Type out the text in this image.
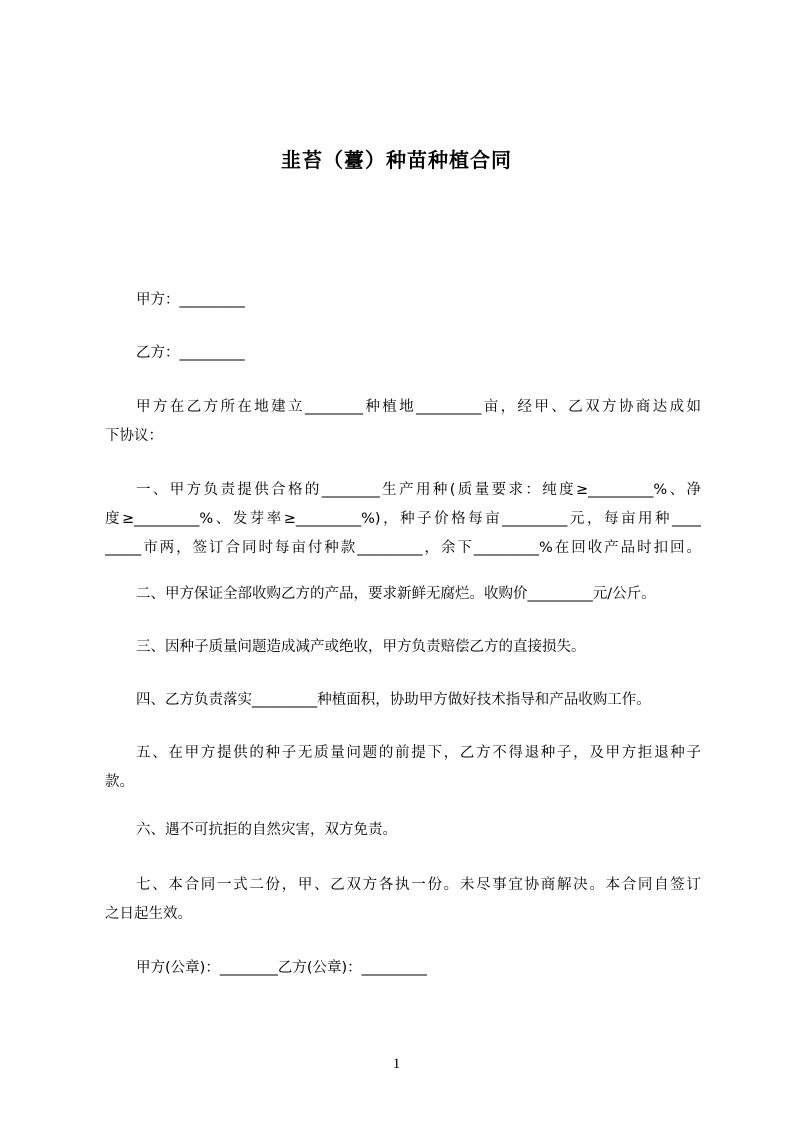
韭苔（薹）种苗种植合同
甲方：_________
乙方：_________
甲方在乙方所在地建立________种植地_________亩，经甲、乙双方协商达成如
下协议：
一、甲方负责提供合格的________生产用种(质量要求：纯度≥_________%、净
度≥_________%、发芽率≥_________%)，种子价格每亩_________元，每亩用种____
_____市两，签订合同时每亩付种款_________，余下_________%在回收产品时扣回。
二、甲方保证全部收购乙方的产品，要求新鲜无腐烂。收购价_________元/公斤。
三、因种子质量问题造成减产或绝收，甲方负责赔偿乙方的直接损失。
四、乙方负责落实_________种植面积，协助甲方做好技术指导和产品收购工作。
五、在甲方提供的种子无质量问题的前提下，乙方不得退种子，及甲方拒退种子
款。
六、遇不可抗拒的自然灾害，双方免责。
七、本合同一式二份，甲、乙双方各执一份。未尽事宜协商解决。本合同自签订
之日起生效。
甲方(公章)：________乙方(公章)：_________
1
